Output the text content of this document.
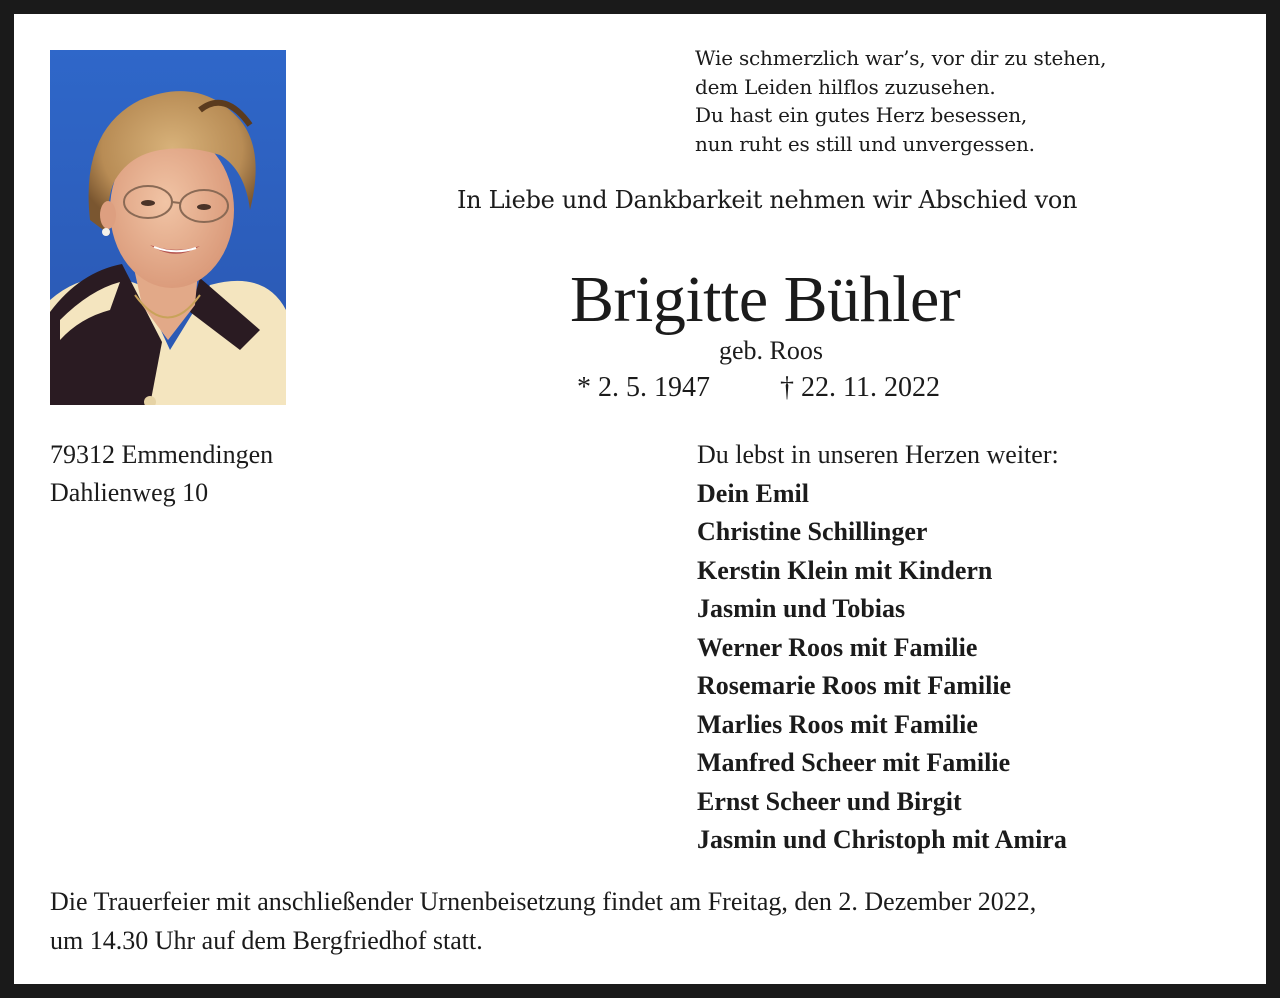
Wie schmerzlich war’s, vor dir zu stehen,
dem Leiden hilflos zuzusehen.
Du hast ein gutes Herz besessen,
nun ruht es still und unvergessen.
In Liebe und Dankbarkeit nehmen wir Abschied von
Brigitte Bühler
geb. Roos
* 2. 5. 1947	† 22. 11. 2022
79312 Emmendingen
Dahlienweg 10
Du lebst in unseren Herzen weiter:
Dein Emil
Christine Schillinger
Kerstin Klein mit Kindern
Jasmin und Tobias
Werner Roos mit Familie
Rosemarie Roos mit Familie
Marlies Roos mit Familie
Manfred Scheer mit Familie
Ernst Scheer und Birgit
Jasmin und Christoph mit Amira
Die Trauerfeier mit anschließender Urnenbeisetzung findet am Freitag, den 2. Dezember 2022,
um 14.30 Uhr auf dem Bergfriedhof statt.
